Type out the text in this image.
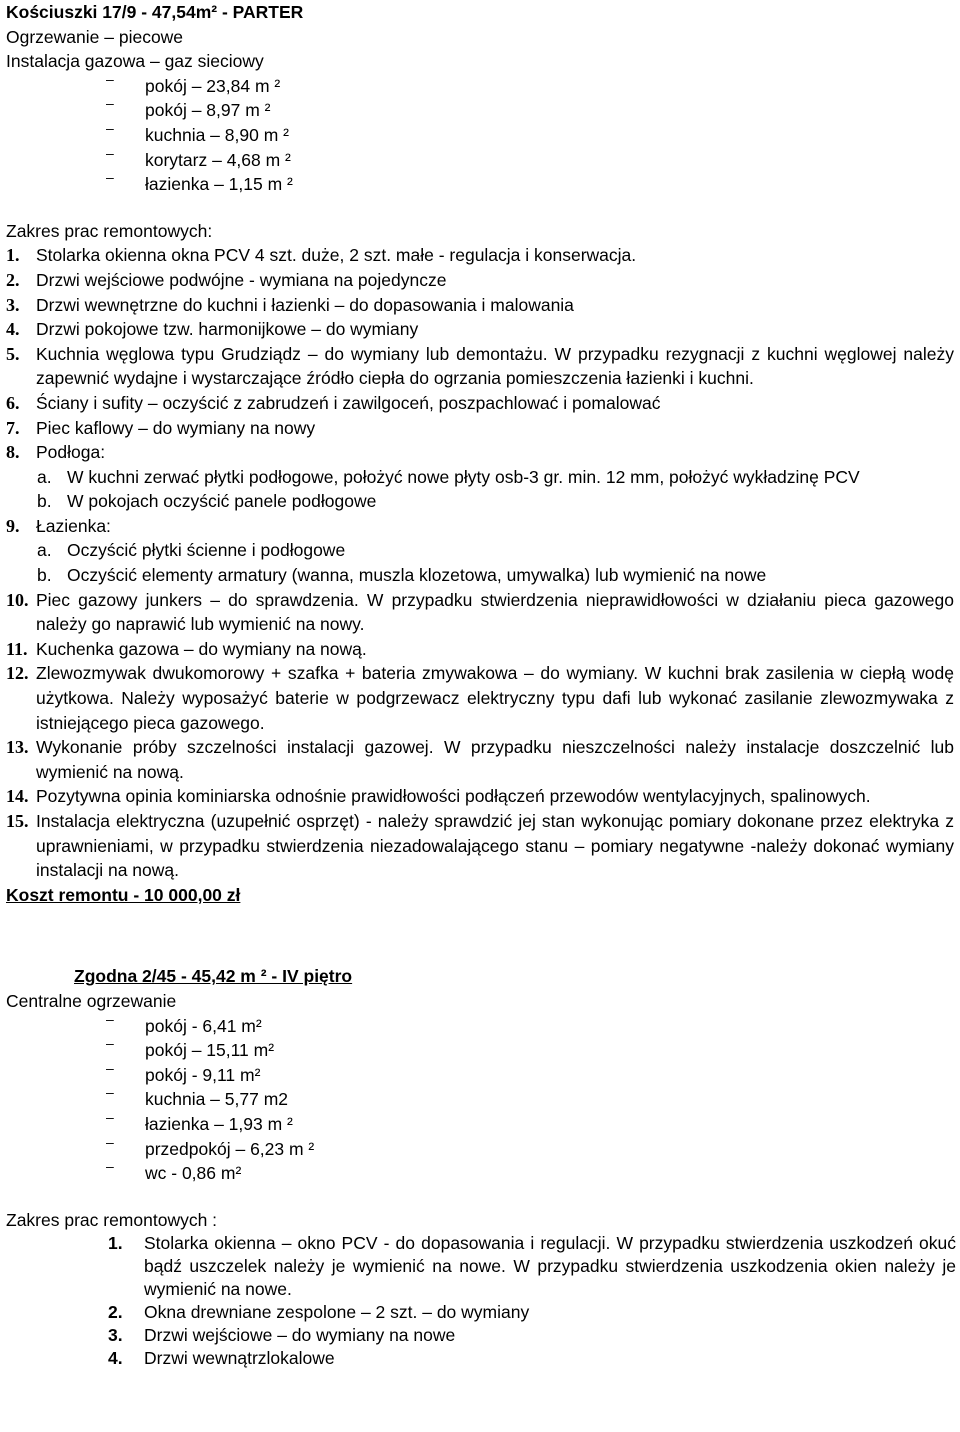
Kościuszki 17/9 - 47,54m² - PARTER
Ogrzewanie – piecowe
Instalacja gazowa – gaz sieciowy
– pokój – 23,84 m ²
– pokój – 8,97 m ²
– kuchnia – 8,90 m ²
– korytarz – 4,68 m ²
– łazienka – 1,15 m ²
Zakres prac remontowych:
1. Stolarka okienna okna PCV 4 szt. duże, 2 szt. małe - regulacja i konserwacja.
2. Drzwi wejściowe podwójne - wymiana na pojedyncze
3. Drzwi wewnętrzne do kuchni i łazienki – do dopasowania i malowania
4. Drzwi pokojowe tzw. harmonijkowe – do wymiany
5. Kuchnia węglowa typu Grudziądz – do wymiany lub demontażu. W przypadku rezygnacji z kuchni węglowej należy zapewnić wydajne i wystarczające źródło ciepła do ogrzania pomieszczenia łazienki i kuchni.
6. Ściany i sufity – oczyścić z zabrudzeń i zawilgoceń, poszpachlować i pomalować
7. Piec kaflowy – do wymiany na nowy
8. Podłoga:
a. W kuchni zerwać płytki podłogowe, położyć nowe płyty osb-3 gr. min. 12 mm, położyć wykładzinę PCV
b. W pokojach oczyścić panele podłogowe
9. Łazienka:
a. Oczyścić płytki ścienne i podłogowe
b. Oczyścić elementy armatury (wanna, muszla klozetowa, umywalka) lub wymienić na nowe
10. Piec gazowy junkers – do sprawdzenia. W przypadku stwierdzenia nieprawidłowości w działaniu pieca gazowego należy go naprawić lub wymienić na nowy.
11. Kuchenka gazowa – do wymiany na nową.
12. Zlewozmywak dwukomorowy + szafka + bateria zmywakowa – do wymiany. W kuchni brak zasilenia w ciepłą wodę użytkowa. Należy wyposażyć baterie w podgrzewacz elektryczny typu dafi lub wykonać zasilanie zlewozmywaka z istniejącego pieca gazowego.
13. Wykonanie próby szczelności instalacji gazowej. W przypadku nieszczelności należy instalacje doszczelnić lub wymienić na nową.
14. Pozytywna opinia kominiarska odnośnie prawidłowości podłączeń przewodów wentylacyjnych, spalinowych.
15. Instalacja elektryczna (uzupełnić osprzęt) - należy sprawdzić jej stan wykonując pomiary dokonane przez elektryka z uprawnieniami, w przypadku stwierdzenia niezadowalającego stanu – pomiary negatywne -należy dokonać wymiany instalacji na nową.
Koszt remontu - 10 000,00 zł
Zgodna 2/45 - 45,42 m ² - IV piętro
Centralne ogrzewanie
– pokój - 6,41 m²
– pokój – 15,11 m²
– pokój - 9,11 m²
– kuchnia – 5,77 m2
– łazienka – 1,93 m ²
– przedpokój – 6,23 m ²
– wc - 0,86 m²
Zakres prac remontowych :
1.	Stolarka okienna – okno PCV - do dopasowania i regulacji. W przypadku stwierdzenia uszkodzeń okuć bądź uszczelek należy je wymienić na nowe. W przypadku stwierdzenia uszkodzenia okien należy je wymienić na nowe.
2.	Okna drewniane zespolone – 2 szt. – do wymiany
3.	Drzwi wejściowe – do wymiany na nowe
4.	Drzwi wewnątrzlokalowe
